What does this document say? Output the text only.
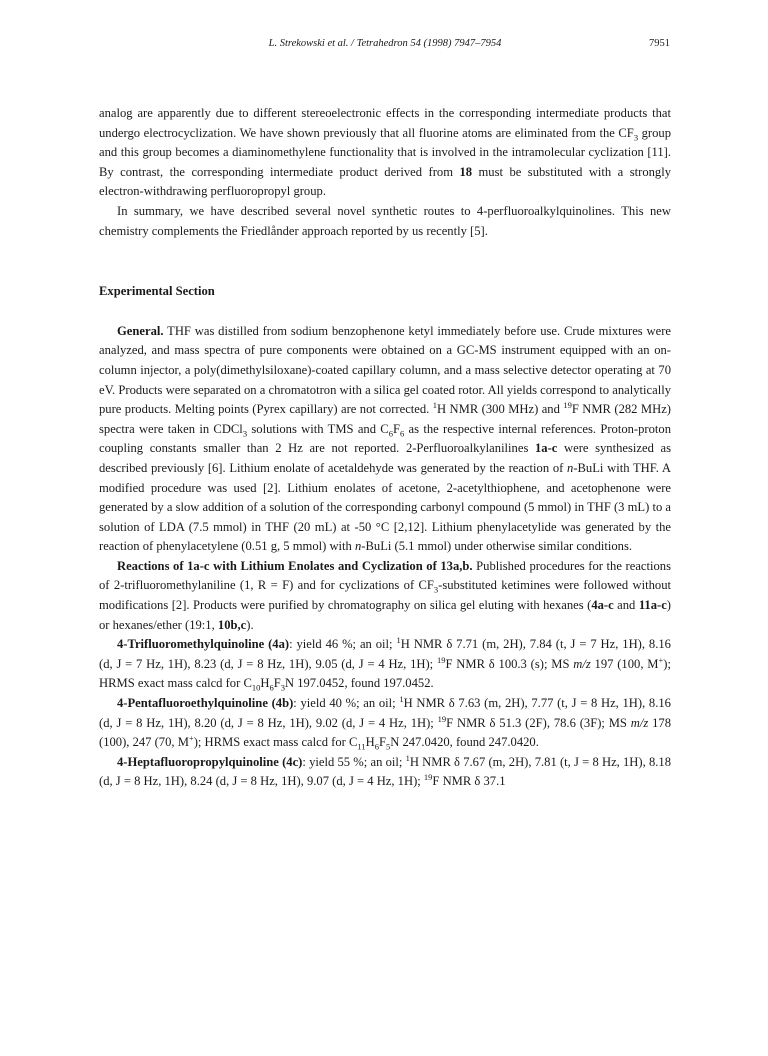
L. Strekowski et al. / Tetrahedron 54 (1998) 7947–7954	7951

analog are apparently due to different stereoelectronic effects in the corresponding intermediate products that undergo electrocyclization. We have shown previously that all fluorine atoms are eliminated from the $CF_3$ group and this group becomes a diaminomethylene functionality that is involved in the intramolecular cyclization [11]. By contrast, the corresponding intermediate product derived from 18 must be substituted with a strongly electron-withdrawing perfluoropropyl group.

In summary, we have described several novel synthetic routes to 4-perfluoroalkylquinolines. This new chemistry complements the Friedlånder approach reported by us recently [5].

Experimental Section

General. THF was distilled from sodium benzophenone ketyl immediately before use. Crude mixtures were analyzed, and mass spectra of pure components were obtained on a GC-MS instrument equipped with an on-column injector, a poly(dimethylsiloxane)-coated capillary column, and a mass selective detector operating at 70 eV. Products were separated on a chromatotron with a silica gel coated rotor. All yields correspond to analytically pure products. Melting points (Pyrex capillary) are not corrected. $^1$H NMR (300 MHz) and $^{19}$F NMR (282 MHz) spectra were taken in CDCl$_3$ solutions with TMS and $C_6F_6$ as the respective internal references. Proton-proton coupling constants smaller than 2 Hz are not reported. 2-Perfluoroalkylanilines 1a-c were synthesized as described previously [6]. Lithium enolate of acetaldehyde was generated by the reaction of n-BuLi with THF. A modified procedure was used [2]. Lithium enolates of acetone, 2-acetylthiophene, and acetophenone were generated by a slow addition of a solution of the corresponding carbonyl compound (5 mmol) in THF (3 mL) to a solution of LDA (7.5 mmol) in THF (20 mL) at -50 °C [2,12]. Lithium phenylacetylide was generated by the reaction of phenylacetylene (0.51 g, 5 mmol) with n-BuLi (5.1 mmol) under otherwise similar conditions.

Reactions of 1a-c with Lithium Enolates and Cyclization of 13a,b. Published procedures for the reactions of 2-trifluoromethylaniline (1, R = F) and for cyclizations of $CF_3$-substituted ketimines were followed without modifications [2]. Products were purified by chromatography on silica gel eluting with hexanes (4a-c and 11a-c) or hexanes/ether (19:1, 10b,c).

4-Trifluoromethylquinoline (4a): yield 46 %; an oil; $^1$H NMR δ 7.71 (m, 2H), 7.84 (t, J = 7 Hz, 1H), 8.16 (d, J = 7 Hz, 1H), 8.23 (d, J = 8 Hz, 1H), 9.05 (d, J = 4 Hz, 1H); $^{19}$F NMR δ 100.3 (s); MS m/z 197 (100, M+); HRMS exact mass calcd for $C_{10}H_6F_3N$ 197.0452, found 197.0452.

4-Pentafluoroethylquinoline (4b): yield 40 %; an oil; $^1$H NMR δ 7.63 (m, 2H), 7.77 (t, J = 8 Hz, 1H), 8.16 (d, J = 8 Hz, 1H), 8.20 (d, J = 8 Hz, 1H), 9.02 (d, J = 4 Hz, 1H); $^{19}$F NMR δ 51.3 (2F), 78.6 (3F); MS m/z 178 (100), 247 (70, M+); HRMS exact mass calcd for $C_{11}H_6F_5N$ 247.0420, found 247.0420.

4-Heptafluoropropylquinoline (4c): yield 55 %; an oil; $^1$H NMR δ 7.67 (m, 2H), 7.81 (t, J = 8 Hz, 1H), 8.18 (d, J = 8 Hz, 1H), 8.24 (d, J = 8 Hz, 1H), 9.07 (d, J = 4 Hz, 1H); $^{19}$F NMR δ 37.1
